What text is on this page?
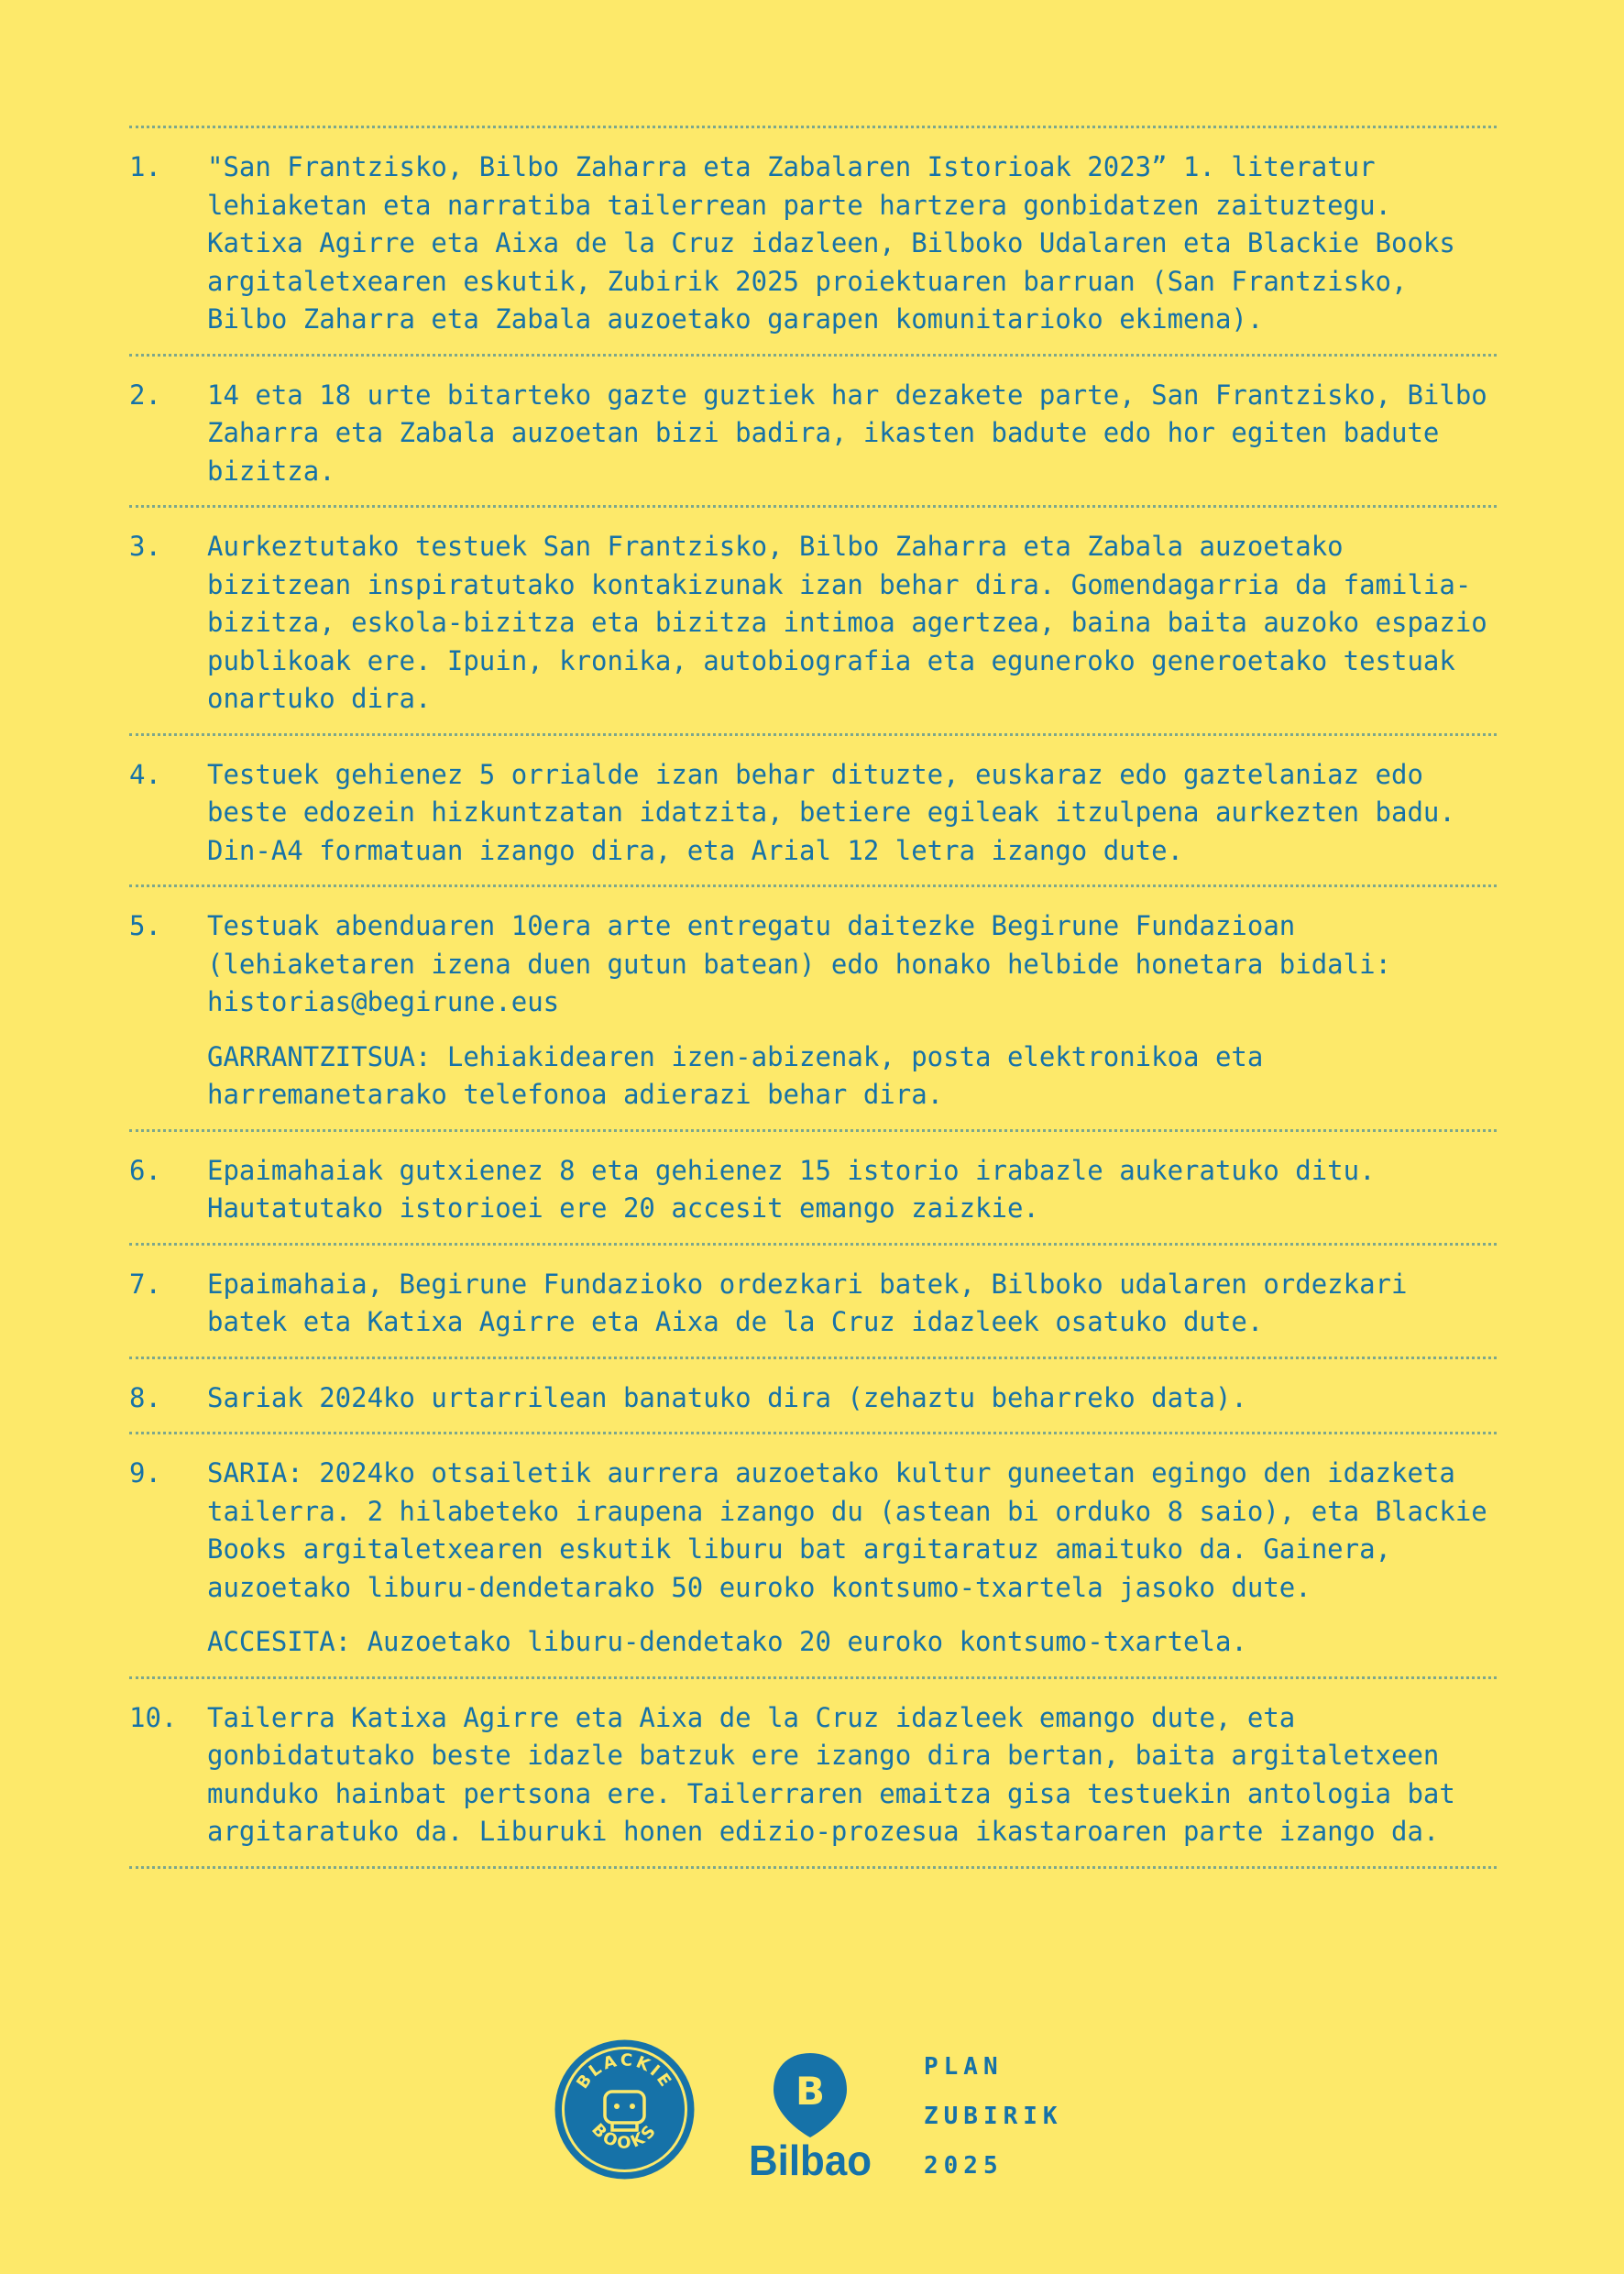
1.	"San Frantzisko, Bilbo Zaharra eta Zabalaren Istorioak 2023” 1. literatur lehiaketan eta narratiba tailerrean parte hartzera gonbidatzen zaituztegu. Katixa Agirre eta Aixa de la Cruz idazleen, Bilboko Udalaren eta Blackie Books argitaletxearen eskutik, Zubirik 2025 proiektuaren barruan (San Frantzisko, Bilbo Zaharra eta Zabala auzoetako garapen komunitarioko ekimena).

2.	14 eta 18 urte bitarteko gazte guztiek har dezakete parte, San Frantzisko, Bilbo Zaharra eta Zabala auzoetan bizi badira, ikasten badute edo hor egiten badute bizitza.

3.	Aurkeztutako testuek San Frantzisko, Bilbo Zaharra eta Zabala auzoetako bizitzean inspiratutako kontakizunak izan behar dira. Gomendagarria da familia-bizitza, eskola-bizitza eta bizitza intimoa agertzea, baina baita auzoko espazio publikoak ere. Ipuin, kronika, autobiografia eta eguneroko generoetako testuak onartuko dira.

4.	Testuek gehienez 5 orrialde izan behar dituzte, euskaraz edo gaztelaniaz edo beste edozein hizkuntzatan idatzita, betiere egileak itzulpena aurkezten badu. Din-A4 formatuan izango dira, eta Arial 12 letra izango dute.

5.	Testuak abenduaren 10era arte entregatu daitezke Begirune Fundazioan (lehiaketaren izena duen gutun batean) edo honako helbide honetara bidali: historias@begirune.eus

GARRANTZITSUA: Lehiakidearen izen-abizenak, posta elektronikoa eta harremanetarako telefonoa adierazi behar dira.

6.	Epaimahaiak gutxienez 8 eta gehienez 15 istorio irabazle aukeratuko ditu. Hautatutako istorioei ere 20 accesit emango zaizkie.

7.	Epaimahaia, Begirune Fundazioko ordezkari batek, Bilboko udalaren ordezkari batek eta Katixa Agirre eta Aixa de la Cruz idazleek osatuko dute.

8.	Sariak 2024ko urtarrilean banatuko dira (zehaztu beharreko data).

9.	SARIA: 2024ko otsailetik aurrera auzoetako kultur guneetan egingo den idazketa tailerra. 2 hilabeteko iraupena izango du (astean bi orduko 8 saio), eta Blackie Books argitaletxearen eskutik liburu bat argitaratuz amaituko da. Gainera, auzoetako liburu-dendetarako 50 euroko kontsumo-txartela jasoko dute.

ACCESITA: Auzoetako liburu-dendetako 20 euroko kontsumo-txartela.

10.	Tailerra Katixa Agirre eta Aixa de la Cruz idazleek emango dute, eta gonbidatutako beste idazle batzuk ere izango dira bertan, baita argitaletxeen munduko hainbat pertsona ere. Tailerraren emaitza gisa testuekin antologia bat argitaratuko da. Liburuki honen edizio-prozesua ikastaroaren parte izango da.

BLACKIE
BOOKS
B
Bilbao
PLAN
ZUBIRIK
2025
